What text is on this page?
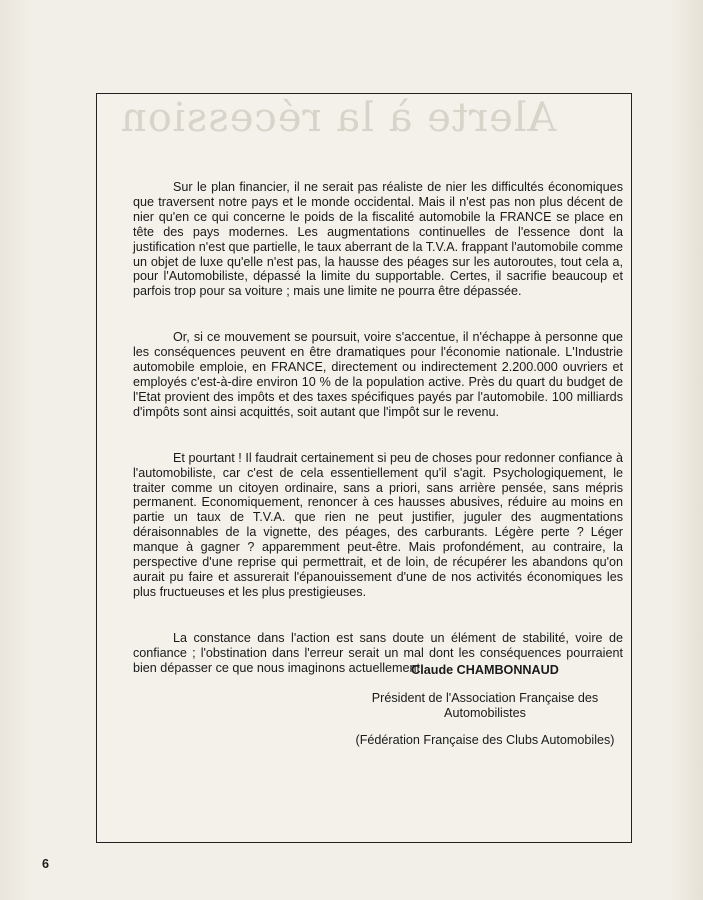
Alerte à la récession

Sur le plan financier, il ne serait pas réaliste de nier les difficultés économiques que traversent notre pays et le monde occidental. Mais il n'est pas non plus décent de nier qu'en ce qui concerne le poids de la fiscalité automobile la FRANCE se place en tête des pays modernes. Les augmentations continuelles de l'essence dont la justification n'est que partielle, le taux aberrant de la T.V.A. frappant l'automobile comme un objet de luxe qu'elle n'est pas, la hausse des péages sur les autoroutes, tout cela a, pour l'Automobiliste, dépassé la limite du supportable. Certes, il sacrifie beaucoup et parfois trop pour sa voiture ; mais une limite ne pourra être dépassée.

Or, si ce mouvement se poursuit, voire s'accentue, il n'échappe à personne que les conséquences peuvent en être dramatiques pour l'économie nationale. L'Industrie automobile emploie, en FRANCE, directement ou indirectement 2.200.000 ouvriers et employés c'est-à-dire environ 10 % de la population active. Près du quart du budget de l'Etat provient des impôts et des taxes spécifiques payés par l'automobile. 100 milliards d'impôts sont ainsi acquittés, soit autant que l'impôt sur le revenu.

Et pourtant ! Il faudrait certainement si peu de choses pour redonner confiance à l'automobiliste, car c'est de cela essentiellement qu'il s'agit. Psychologiquement, le traiter comme un citoyen ordinaire, sans a priori, sans arrière pensée, sans mépris permanent. Economiquement, renoncer à ces hausses abusives, réduire au moins en partie un taux de T.V.A. que rien ne peut justifier, juguler des augmentations déraisonnables de la vignette, des péages, des carburants. Légère perte ? Léger manque à gagner ? apparemment peut-être. Mais profondément, au contraire, la perspective d'une reprise qui permettrait, et de loin, de récupérer les abandons qu'on aurait pu faire et assurerait l'épanouissement d'une de nos activités économiques les plus fructueuses et les plus prestigieuses.

La constance dans l'action est sans doute un élément de stabilité, voire de confiance ; l'obstination dans l'erreur serait un mal dont les conséquences pourraient bien dépasser ce que nous imaginons actuellement.

Claude CHAMBONNAUD

Président de l'Association Française des Automobilistes

(Fédération Française des Clubs Automobiles)

6
